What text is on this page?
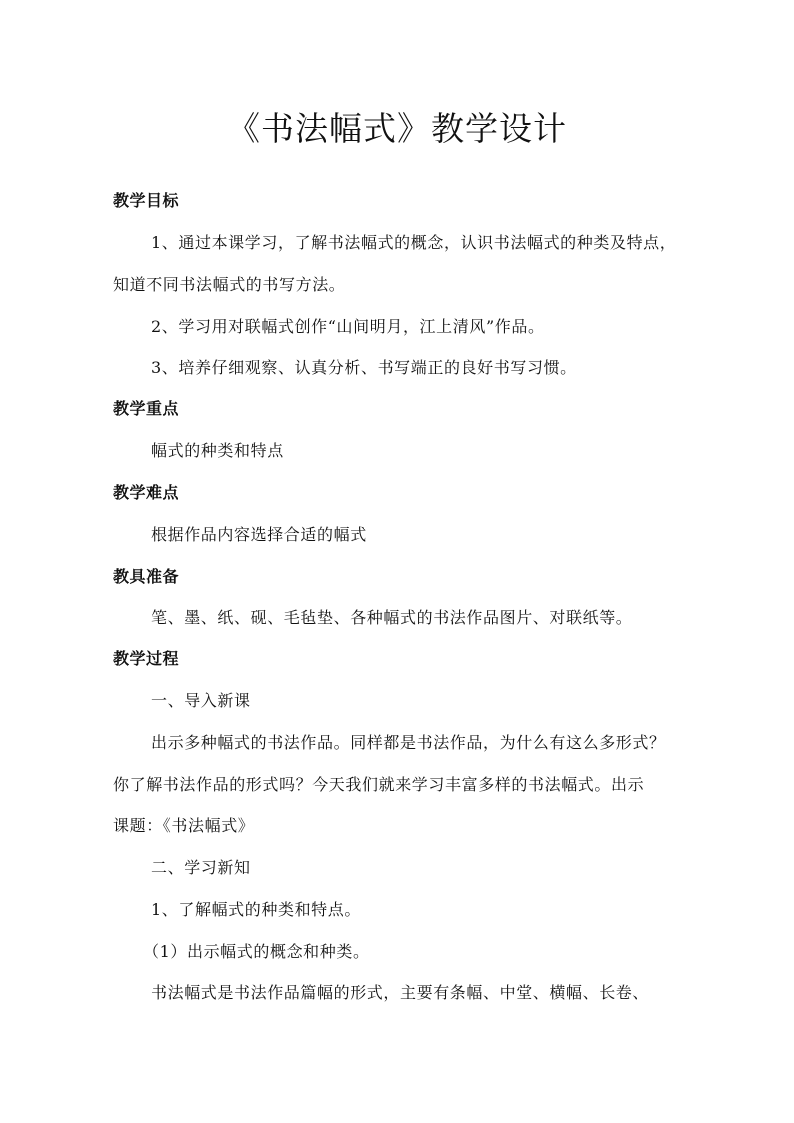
《书法幅式》教学设计
教学目标
1、通过本课学习，了解书法幅式的概念，认识书法幅式的种类及特点，
知道不同书法幅式的书写方法。
2、学习用对联幅式创作“山间明月，江上清风”作品。
3、培养仔细观察、认真分析、书写端正的良好书写习惯。
教学重点
幅式的种类和特点
教学难点
根据作品内容选择合适的幅式
教具准备
笔、墨、纸、砚、毛毡垫、各种幅式的书法作品图片、对联纸等。
教学过程
一、导入新课
出示多种幅式的书法作品。同样都是书法作品，为什么有这么多形式？
你了解书法作品的形式吗？今天我们就来学习丰富多样的书法幅式。出示
课题：《书法幅式》
二、学习新知
1、了解幅式的种类和特点。
（1）出示幅式的概念和种类。
书法幅式是书法作品篇幅的形式，主要有条幅、中堂、横幅、长卷、
